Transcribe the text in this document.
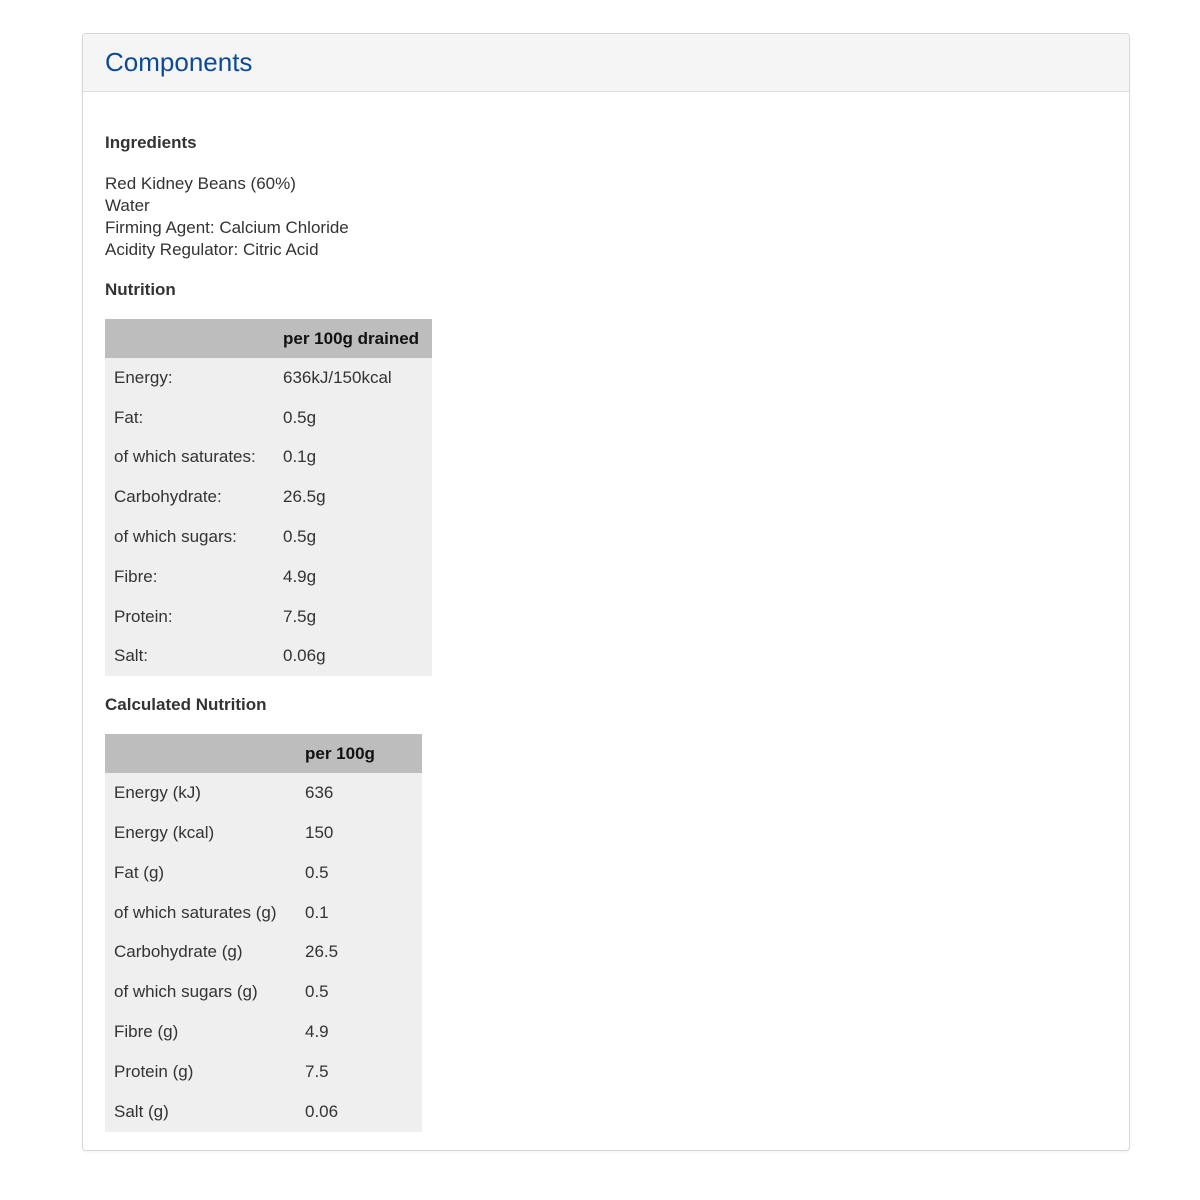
Components
Ingredients
Red Kidney Beans (60%)
Water
Firming Agent: Calcium Chloride
Acidity Regulator: Citric Acid
Nutrition
	per 100g drained
Energy:	636kJ/150kcal
Fat:	0.5g
of which saturates:	0.1g
Carbohydrate:	26.5g
of which sugars:	0.5g
Fibre:	4.9g
Protein:	7.5g
Salt:	0.06g
Calculated Nutrition
	per 100g
Energy (kJ)	636
Energy (kcal)	150
Fat (g)	0.5
of which saturates (g)	0.1
Carbohydrate (g)	26.5
of which sugars (g)	0.5
Fibre (g)	4.9
Protein (g)	7.5
Salt (g)	0.06
